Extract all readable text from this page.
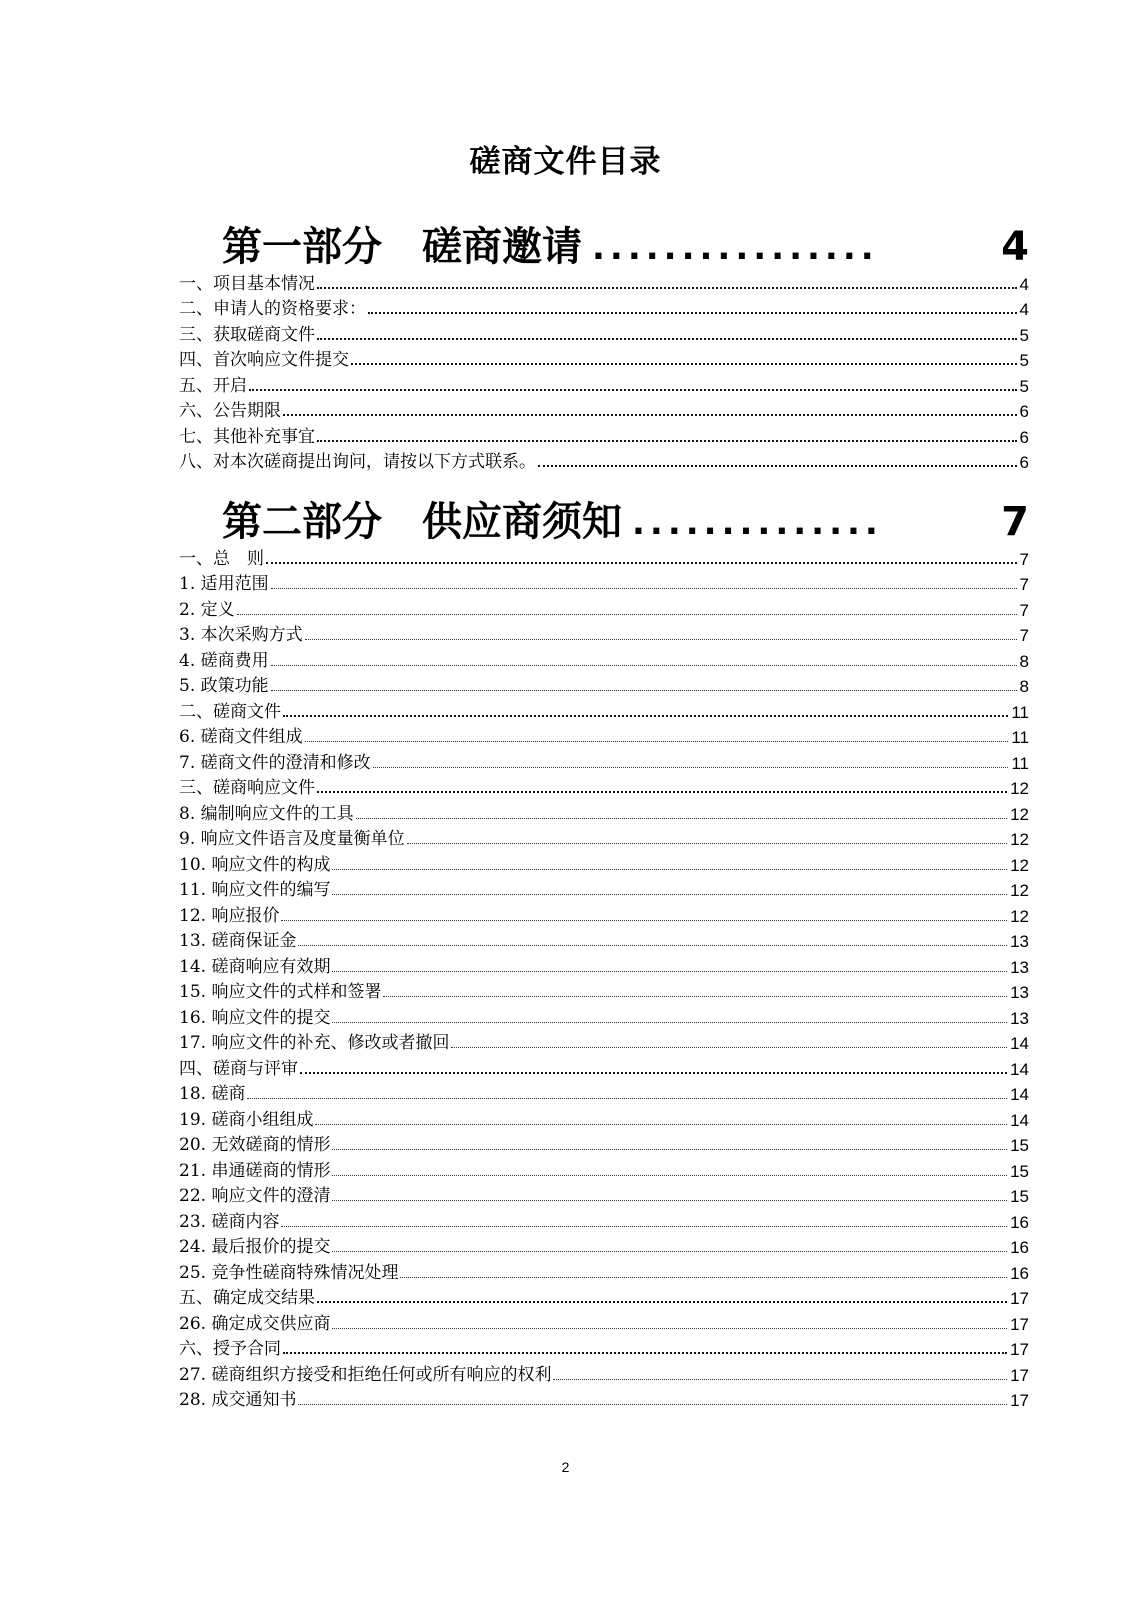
磋商文件目录
第一部分　磋商邀请 ................	4
一、项目基本情况	4
二、申请人的资格要求：	4
三、获取磋商文件	5
四、首次响应文件提交	5
五、开启	5
六、公告期限	6
七、其他补充事宜	6
八、对本次磋商提出询问，请按以下方式联系。	6
第二部分　供应商须知 ..............	7
一、总　则	7
1. 适用范围	7
2. 定义	7
3. 本次采购方式	7
4. 磋商费用	8
5. 政策功能	8
二、磋商文件	11
6. 磋商文件组成	11
7. 磋商文件的澄清和修改	11
三、磋商响应文件	12
8. 编制响应文件的工具	12
9. 响应文件语言及度量衡单位	12
10. 响应文件的构成	12
11. 响应文件的编写	12
12. 响应报价	12
13. 磋商保证金	13
14. 磋商响应有效期	13
15. 响应文件的式样和签署	13
16. 响应文件的提交	13
17. 响应文件的补充、修改或者撤回	14
四、磋商与评审	14
18. 磋商	14
19. 磋商小组组成	14
20. 无效磋商的情形	15
21. 串通磋商的情形	15
22. 响应文件的澄清	15
23. 磋商内容	16
24. 最后报价的提交	16
25. 竞争性磋商特殊情况处理	16
五、确定成交结果	17
26. 确定成交供应商	17
六、授予合同	17
27. 磋商组织方接受和拒绝任何或所有响应的权利	17
28. 成交通知书	17
2
